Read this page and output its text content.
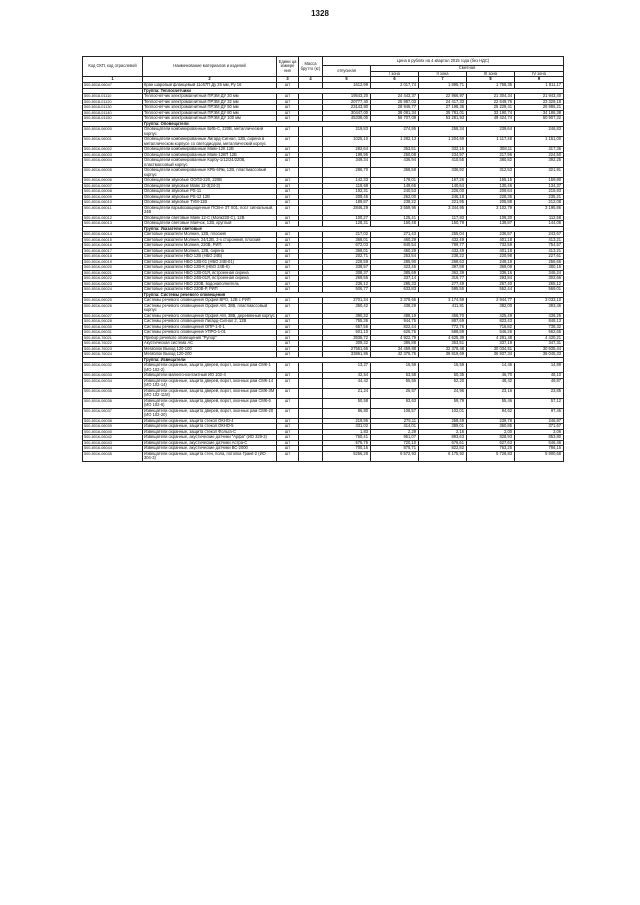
1328
Код СКП, код отраслевой	Наименование материалов и изделий	Едини ца измере ния	Масса брутто (кг)	Цена в рублях на 4 квартал 2015 года (без НДС)				
				отпускная	Сметная			
					I зона	II зона	III зона	IV зона
1	2	3	4	5	6	7	8	9
500-8018-06047	Кран шаровый фланцевый 11с67П Ду 25 мм, Ру 16	шт		1612,99	2 017,74	1 895,71	1 758,35	1 811,17
	Группа: Теплосчетчики							
500-8018-01110	Теплосчетчик электромагнитный ПРЭМ ДУ 20 мм	шт		19543,20	24 443,37	22 966,97	21 304,34	21 943,40
500-8018-01120	Теплосчетчик электромагнитный ПРЭМ ДУ 32 мм	шт		20777,40	25 987,03	24 417,33	22 649,76	23 329,18
500-8018-01130	Теплосчетчик электромагнитный ПРЭМ ДУ 50 мм	шт		23143,80	28 946,77	27 198,36	25 229,41	25 986,21
500-8018-01140	Теплосчетчик электромагнитный ПРЭМ ДУ 80 мм	шт		30447,00	38 081,34	35 781,01	33 190,74	34 186,38
500-8018-01150	Теплосчетчик электромагнитный ПРЭМ ДУ 100 мм	шт		45338,00	56 707,09	53 281,93	49 424,74	50 907,32
	Группа: Оповещатели							
500-8016-06000	Оповещатели комбинированные БИБ-С, 220В, металлический корпус	шт		219,83	274,95	258,34	239,64	246,83
500-8016-06001	Оповещатели комбинированные Лигард-Сигнал, 12В, сирена в металлическом корпусе со светодиодом, металлический корпус	шт		1025,10	1 282,13	1 204,69	1 117,48	1 151,00
500-8016-06002	Оповещатели комбинированные Маяк-12К 12В	шт		282,64	353,51	332,16	308,11	317,36
500-8016-06003	Оповещатели комбинированные Маяк-12КП 12В	шт		199,95	250,08	234,97	217,96	224,50
500-8016-06004	Оповещатели комбинированные Корбу-1/12/24/220В, пластмассовый корпус	шт		349,34	436,94	410,55	380,82	392,25
500-8016-06005	Оповещатели комбинированные КРБ-6Ям, 12В, пластмассовый корпус	шт		286,70	358,58	336,92	312,53	321,91
500-8016-06006	Оповещатели звуковые ООПЗ-220, 220В	шт		142,33	178,01	167,26	155,15	159,80
500-8016-06007	Оповещатели звуковые Маяк 12-3(24-3)	шт		119,68	149,65	140,64	130,46	134,37
500-8016-06008	Оповещатели звуковые РS-11	шт		192,31	240,53	226,00	209,64	215,93
500-8016-06009	Оповещатели звуковые РS-12 12В	шт		209,46	262,00	246,18	228,36	235,21
500-8016-06010	Оповещатели звуковые ТVМ-11В	шт		189,87	238,22	221,95	205,88	212,08
500-8016-06011	Оповещатели взрывозащищенные ПСВ-е 3Т Х01, пост сигнальный, 24В	шт		2846,29	3 559,96	3 344,95	3 102,79	3 195,86
500-8016-06012	Оповещатели световые Маяк 12-С (Мояк220-С), 12В	шт		100,27	125,41	117,83	109,30	112,58
500-8016-06013	Оповещатели световые Маячок, 12В, круглый	шт		128,31	160,48	150,79	139,87	144,06
	Группа: Указатели световые							
500-8016-06014	Световые указатели Молния, 12В, плоский	шт		217,02	271,43	255,04	236,57	243,67
500-8016-06015	Световые указатели Молния, 24/12В, 2-х сторонний, плоский	шт		368,01	460,29	432,49	401,18	413,21
500-8016-06016	Световые указатели Молния, 220В, РИП	шт		672,03	840,54	789,77	732,59	754,57
500-8016-06017	Световые указатели Молния, 12В, сирена	шт		368,01	460,29	432,49	401,18	413,21
500-8016-06018	Световые указатели НБО 12В (НБО 24В)	шт		202,71	253,54	238,22	220,98	227,61
500-8016-06019	Световые указатели НБО 12В-01 (НБО 24В-01)	шт		228,59	285,90	268,63	249,19	256,66
500-8016-06020	Световые указатели НБО 12В-К (НБО 24В-К)	шт		338,57	423,46	397,88	369,08	380,15
500-8016-06021	Световые указатели НБО 12В-01Я, встроенная сирена	шт		308,37	385,69	362,39	336,16	346,24
500-8016-06022	Световые указатели НБО 24В-01Я, встроенная сирена	шт		269,55	337,14	316,77	293,84	302,66
500-8016-06023	Световые указатели НБО 220В, водонаполнитель	шт		236,12	295,33	277,49	257,40	265,12
500-8016-06024	Световые указатели НБО 220В-Р, РИП	шт		506,77	633,83	595,55	552,44	569,01
	Группа: Системы речевого оповещения							
500-8016-06025	Системы речевого оповещения Орфей ВРО, 12В с РИП	шт		2701,34	3 378,66	3 174,59	2 944,77	3 033,10
500-8016-06026	Системы речевого оповещения Орфей АМ, 38В, пластмассовый корпус	шт		350,42	438,29	411,81	382,00	393,46
500-8016-06027	Системы речевого оповещения Орфей АМ, 38В, деревянный корпус	шт		390,32	488,19	458,70	425,49	438,25
500-8016-06028	Системы речевого оповещения Лигард-Сигнал 2, 12В	шт		755,36	944,75	887,69	823,43	848,13
500-8016-06030	Системы речевого оповещения ОПР-1-0-1	шт		657,56	822,44	772,76	716,82	738,32
500-8016-06031	Системы речевого оповещения УПРО-1-01	шт		501,10	626,75	588,89	546,26	562,65
500-8016-76021	Прибор речевого оповещения "Рупор"	шт		3935,72	4 922,79	4 625,39	4 291,48	4 420,21
500-8016-76022	Акустическая система АС	шт		309,32	386,88	363,51	337,19	347,31
500-8016-76023	Мегаблок Выход 120-100	шт		27551,66	34 459,88	32 378,48	30 034,51	30 935,44
500-8016-76024	Мегаблок Выход 120-200	шт		33861,86	42 376,76	39 819,69	36 937,34	38 045,33
	Группа: Извещатели							
500-8016-06032	Извещатели охранные, защита дверей, ворот, оконных рам СМК-1 (ИО 102-2)	шт		13,27	16,59	15,59	14,46	14,89
500-8016-06033	Извещатели магнито-контактный ИО 102-4	шт		42,54	53,58	50,35	46,70	48,10
500-8016-06034	Извещатели охранные, защита дверей, ворот, оконных рам СМК-14 (ИО 102-14)	шт		44,42	55,56	52,20	48,42	49,87
500-8016-06035	Извещатели охранные, защита дверей, ворот, оконных рам СМК-3М (ИО 102-11М)	шт		21,24	26,57	24,96	23,16	23,85
500-8016-06036	Извещатели охранные, защита дверей, ворот, оконных рам СМК-6 (ИО 102-6)	шт		50,58	63,63	59,79	55,46	57,12
500-8016-06037	Извещатели охранные, защита дверей, ворот, оконных рам СМК-20 (ИО 102-20)	шт		86,80	108,57	102,01	94,62	97,46
500-8016-06038	Извещатели охранные, защита стекол ОКНО-4	шт		219,96	275,11	258,49	239,78	246,97
500-8016-06039	Извещатели охранные, защита стекол ОКНО-5	шт		331,02	414,01	389,01	360,85	371,67
500-8016-06040	Извещатели охранные, защита стекол Фольга-С	шт		1,83	2,29	2,16	2,00	2,06
500-8016-06042	Извещатели охранные, акустические датчики "Арфа" (ИО 329-3)	шт		760,41	951,07	893,63	828,93	853,80
500-8016-06043	Извещатели охранные, акустические датчики Астра-С	шт		575,75	720,10	676,61	627,63	646,46
500-8016-06044	Извещатели охранные, акустические датчики ВС-2000	шт		700,16	875,71	822,82	763,25	786,15
500-8016-06045	Извещатели охранные, защита стен, пола, потолка Гранit-2 (ИО 304-3)	шт		5256,28	6 572,93	6 175,92	5 728,83	5 900,68
